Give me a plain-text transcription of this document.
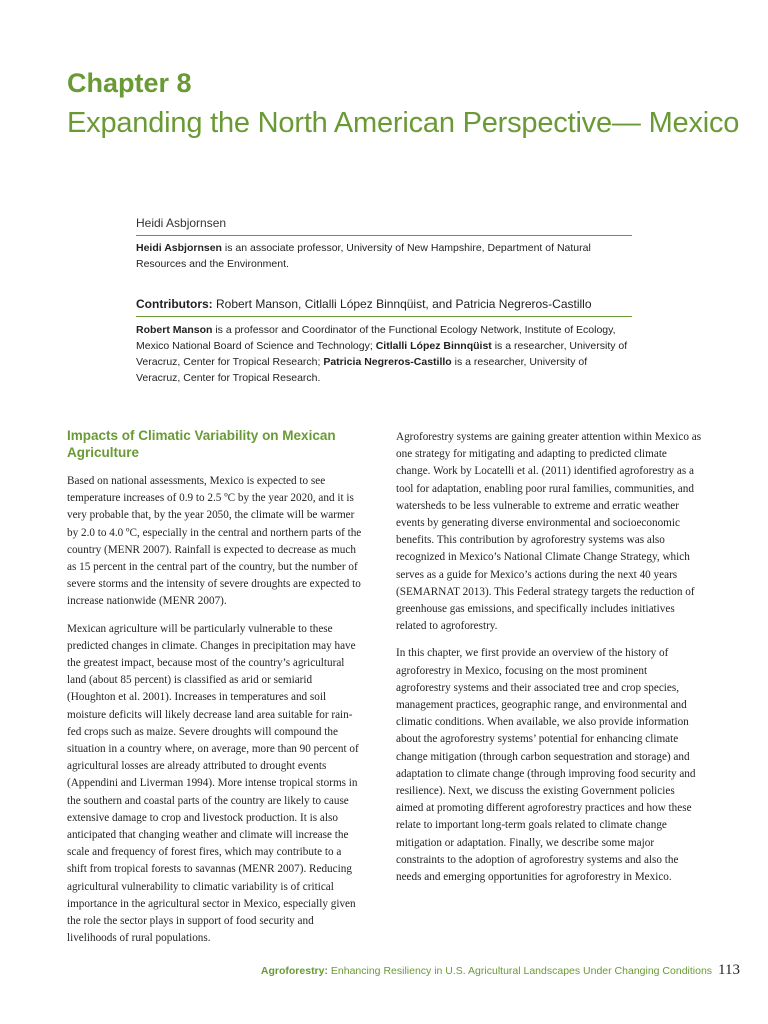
Chapter 8
Expanding the North American Perspective— Mexico

Heidi Asbjornsen

Heidi Asbjornsen is an associate professor, University of New Hampshire, Department of Natural Resources and the Environment.

Contributors: Robert Manson, Citlalli López Binnqüist, and Patricia Negreros-Castillo

Robert Manson is a professor and Coordinator of the Functional Ecology Network, Institute of Ecology, Mexico National Board of Science and Technology; Citlalli López Binnqüist is a researcher, University of Veracruz, Center for Tropical Research; Patricia Negreros-Castillo is a researcher, University of Veracruz, Center for Tropical Research.

Impacts of Climatic Variability on Mexican Agriculture

Based on national assessments, Mexico is expected to see temperature increases of 0.9 to 2.5 ºC by the year 2020, and it is very probable that, by the year 2050, the climate will be warmer by 2.0 to 4.0 ºC, especially in the central and northern parts of the country (MENR 2007). Rainfall is expected to decrease as much as 15 percent in the central part of the country, but the number of severe storms and the intensity of severe droughts are expected to increase nationwide (MENR 2007).

Mexican agriculture will be particularly vulnerable to these predicted changes in climate. Changes in precipitation may have the greatest impact, because most of the country’s agricultural land (about 85 percent) is classified as arid or semiarid (Houghton et al. 2001). Increases in temperatures and soil moisture deficits will likely decrease land area suitable for rain-fed crops such as maize. Severe droughts will compound the situation in a country where, on average, more than 90 percent of agricultural losses are already attributed to drought events (Appendini and Liverman 1994). More intense tropical storms in the southern and coastal parts of the country are likely to cause extensive damage to crop and livestock production. It is also anticipated that changing weather and climate will increase the scale and frequency of forest fires, which may contribute to a shift from tropical forests to savannas (MENR 2007). Reducing agricultural vulnerability to climatic variability is of critical importance in the agricultural sector in Mexico, especially given the role the sector plays in support of food security and livelihoods of rural populations.

Agroforestry systems are gaining greater attention within Mexico as one strategy for mitigating and adapting to predicted climate change. Work by Locatelli et al. (2011) identified agroforestry as a tool for adaptation, enabling poor rural families, communities, and watersheds to be less vulnerable to extreme and erratic weather events by generating diverse environmental and socioeconomic benefits. This contribution by agroforestry systems was also recognized in Mexico’s National Climate Change Strategy, which serves as a guide for Mexico’s actions during the next 40 years (SEMARNAT 2013). This Federal strategy targets the reduction of greenhouse gas emissions, and specifically includes initiatives related to agroforestry.

In this chapter, we first provide an overview of the history of agroforestry in Mexico, focusing on the most prominent agroforestry systems and their associated tree and crop species, management practices, geographic range, and environmental and climatic conditions. When available, we also provide information about the agroforestry systems’ potential for enhancing climate change mitigation (through carbon sequestration and storage) and adaptation to climate change (through improving food security and resilience). Next, we discuss the existing Government policies aimed at promoting different agroforestry practices and how these relate to important long-term goals related to climate change mitigation or adaptation. Finally, we describe some major constraints to the adoption of agroforestry systems and also the needs and emerging opportunities for agroforestry in Mexico.

Agroforestry: Enhancing Resiliency in U.S. Agricultural Landscapes Under Changing Conditions 113
